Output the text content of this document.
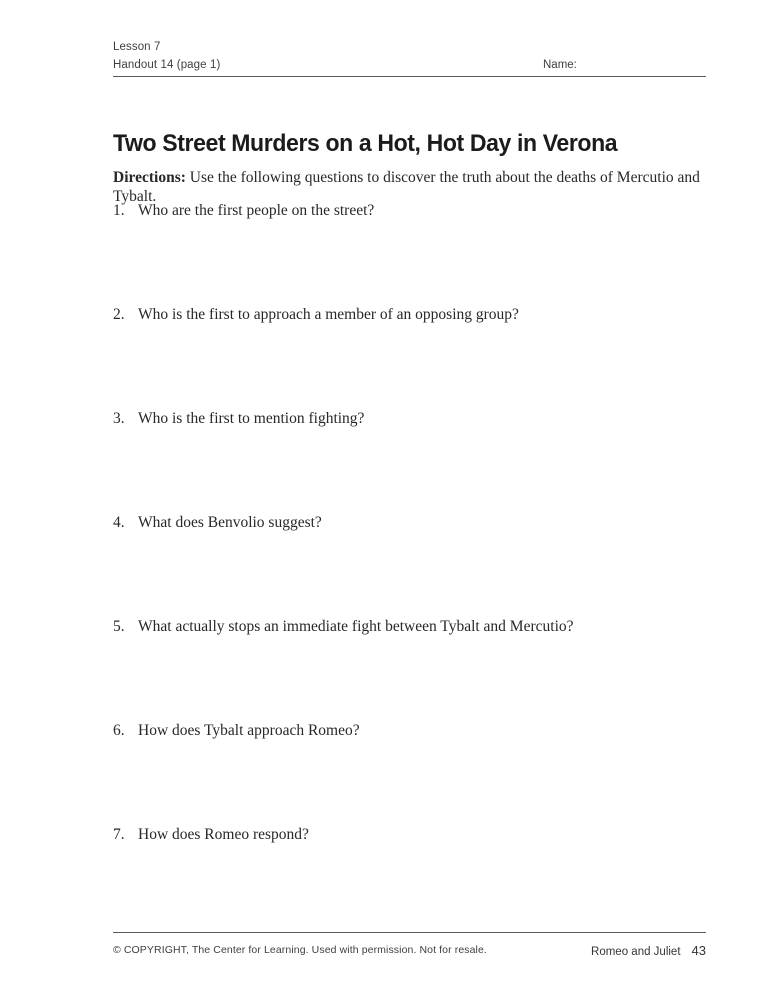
Lesson 7
Handout 14 (page 1)	Name:
Two Street Murders on a Hot, Hot Day in Verona

Directions: Use the following questions to discover the truth about the deaths of Mercutio and Tybalt.

1. Who are the first people on the street?
2. Who is the first to approach a member of an opposing group?
3. Who is the first to mention fighting?
4. What does Benvolio suggest?
5. What actually stops an immediate fight between Tybalt and Mercutio?
6. How does Tybalt approach Romeo?
7. How does Romeo respond?
© COPYRIGHT, The Center for Learning. Used with permission. Not for resale.	Romeo and Juliet 43
